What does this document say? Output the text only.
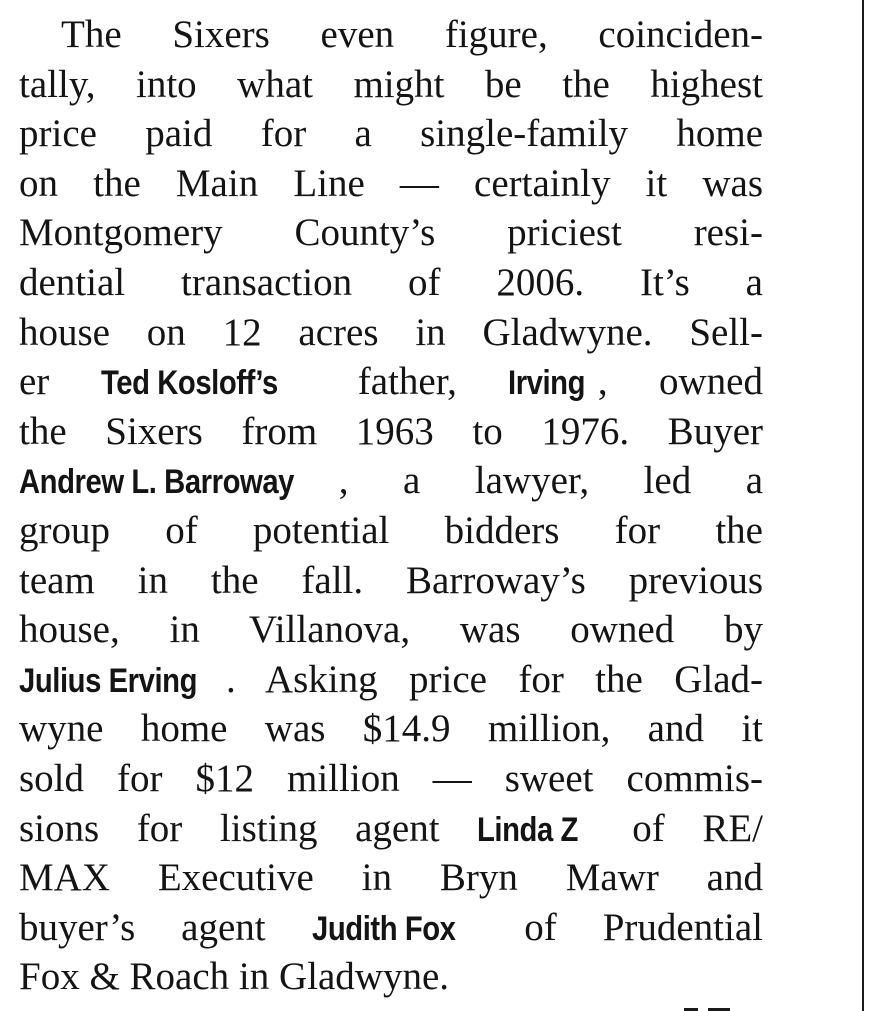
The Sixers even figure, coinciden-
tally, into what might be the highest
price paid for a single-family home
on the Main Line — certainly it was
Montgomery County’s priciest resi-
dential transaction of 2006. It’s a
house on 12 acres in Gladwyne. Sell-
er Ted Kosloff’s father, Irving , owned
the Sixers from 1963 to 1976. Buyer
Andrew L. Barroway , a lawyer, led a
group of potential bidders for the
team in the fall. Barroway’s previous
house, in Villanova, was owned by
Julius Erving . Asking price for the Glad-
wyne home was $14.9 million, and it
sold for $12 million — sweet commis-
sions for listing agent Linda Z of RE/
MAX Executive in Bryn Mawr and
buyer’s agent Judith Fox of Prudential
Fox & Roach in Gladwyne.
